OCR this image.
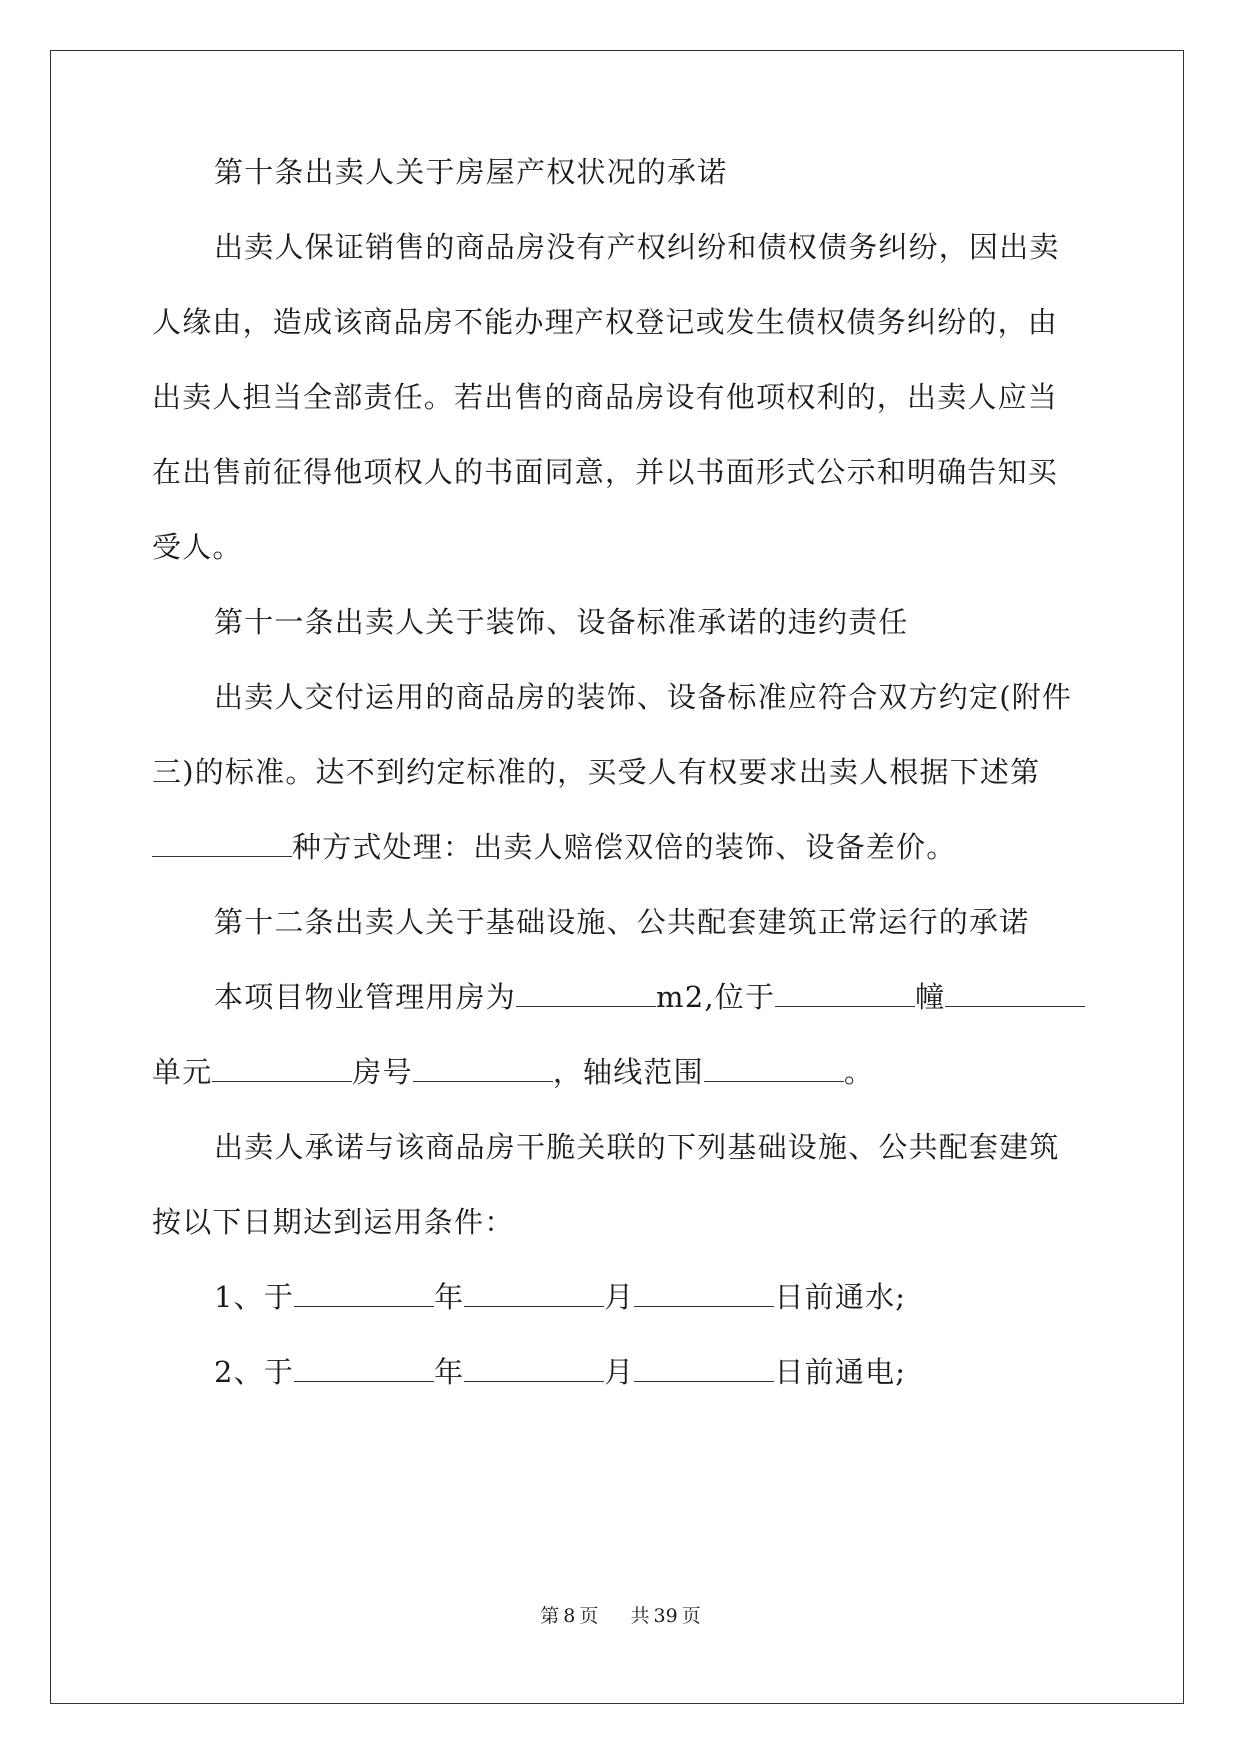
第十条出卖人关于房屋产权状况的承诺
出卖人保证销售的商品房没有产权纠纷和债权债务纠纷，因出卖
人缘由，造成该商品房不能办理产权登记或发生债权债务纠纷的，由
出卖人担当全部责任。若出售的商品房设有他项权利的，出卖人应当
在出售前征得他项权人的书面同意，并以书面形式公示和明确告知买
受人。
第十一条出卖人关于装饰、设备标准承诺的违约责任
出卖人交付运用的商品房的装饰、设备标准应符合双方约定(附件
三)的标准。达不到约定标准的，买受人有权要求出卖人根据下述第
种方式处理：出卖人赔偿双倍的装饰、设备差价。
第十二条出卖人关于基础设施、公共配套建筑正常运行的承诺
本项目物业管理用房为	m2,位于	幢
单元	房号	，轴线范围	。
出卖人承诺与该商品房干脆关联的下列基础设施、公共配套建筑
按以下日期达到运用条件：
1、于	年	月	日前通水;
2、于	年	月	日前通电;
第 8 页 共 39 页
